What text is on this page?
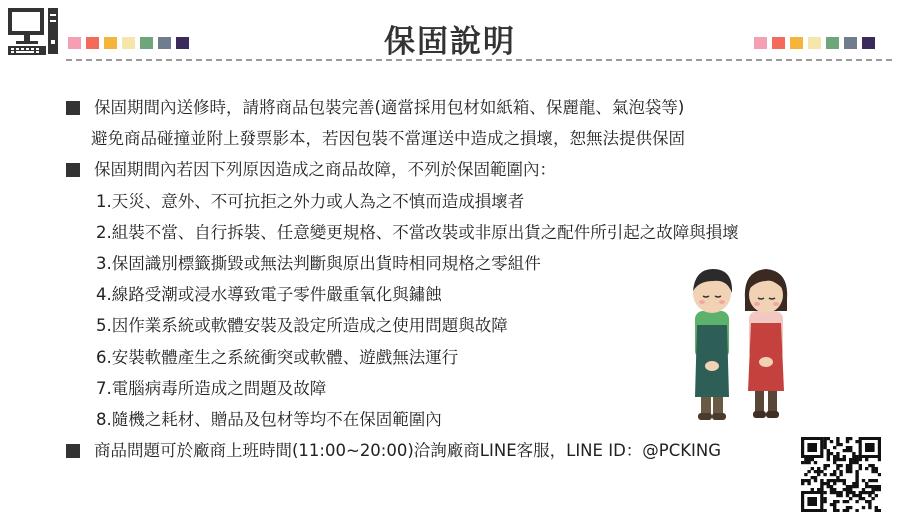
保固說明
保固期間內送修時，請將商品包裝完善(適當採用包材如紙箱、保麗龍、氣泡袋等)
避免商品碰撞並附上發票影本，若因包裝不當運送中造成之損壞，恕無法提供保固
保固期間內若因下列原因造成之商品故障，不列於保固範圍內：
1.天災、意外、不可抗拒之外力或人為之不慎而造成損壞者
2.組裝不當、自行拆裝、任意變更規格、不當改裝或非原出貨之配件所引起之故障與損壞
3.保固識別標籤撕毀或無法判斷與原出貨時相同規格之零組件
4.線路受潮或浸水導致電子零件嚴重氧化與鏽蝕
5.因作業系統或軟體安裝及設定所造成之使用問題與故障
6.安裝軟體產生之系統衝突或軟體、遊戲無法運行
7.電腦病毒所造成之問題及故障
8.隨機之耗材、贈品及包材等均不在保固範圍內
商品問題可於廠商上班時間(11:00~20:00)洽詢廠商LINE客服，LINE ID：@PCKING
